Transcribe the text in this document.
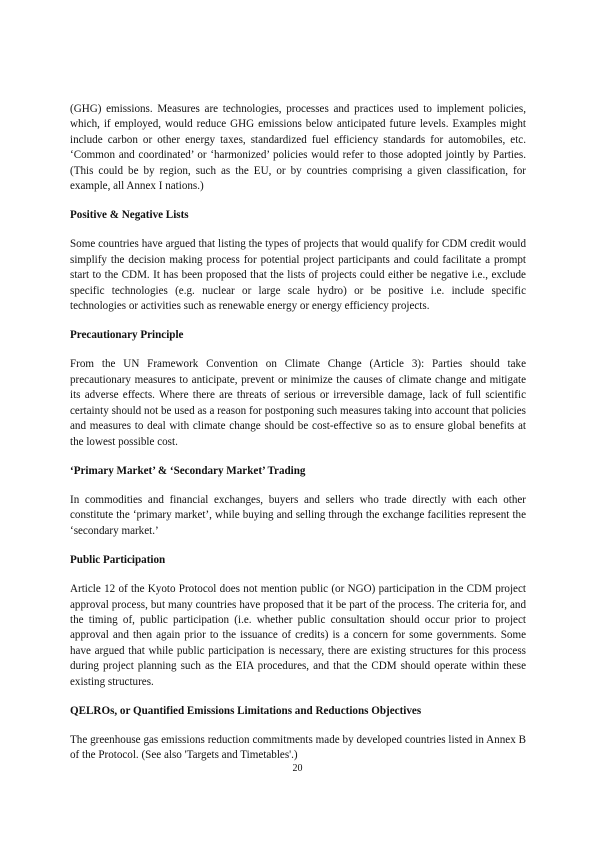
(GHG) emissions. Measures are technologies, processes and practices used to implement policies, which, if employed, would reduce GHG emissions below anticipated future levels. Examples might include carbon or other energy taxes, standardized fuel efficiency standards for automobiles, etc. ‘Common and coordinated’ or ‘harmonized’ policies would refer to those adopted jointly by Parties. (This could be by region, such as the EU, or by countries comprising a given classification, for example, all Annex I nations.)

Positive & Negative Lists

Some countries have argued that listing the types of projects that would qualify for CDM credit would simplify the decision making process for potential project participants and could facilitate a prompt start to the CDM. It has been proposed that the lists of projects could either be negative i.e., exclude specific technologies (e.g. nuclear or large scale hydro) or be positive i.e. include specific technologies or activities such as renewable energy or energy efficiency projects.

Precautionary Principle

From the UN Framework Convention on Climate Change (Article 3): Parties should take precautionary measures to anticipate, prevent or minimize the causes of climate change and mitigate its adverse effects. Where there are threats of serious or irreversible damage, lack of full scientific certainty should not be used as a reason for postponing such measures taking into account that policies and measures to deal with climate change should be cost-effective so as to ensure global benefits at the lowest possible cost.

‘Primary Market’ & ‘Secondary Market’ Trading

In commodities and financial exchanges, buyers and sellers who trade directly with each other constitute the ‘primary market’, while buying and selling through the exchange facilities represent the ‘secondary market.’

Public Participation

Article 12 of the Kyoto Protocol does not mention public (or NGO) participation in the CDM project approval process, but many countries have proposed that it be part of the process. The criteria for, and the timing of, public participation (i.e. whether public consultation should occur prior to project approval and then again prior to the issuance of credits) is a concern for some governments. Some have argued that while public participation is necessary, there are existing structures for this process during project planning such as the EIA procedures, and that the CDM should operate within these existing structures.

QELROs, or Quantified Emissions Limitations and Reductions Objectives

The greenhouse gas emissions reduction commitments made by developed countries listed in Annex B of the Protocol. (See also 'Targets and Timetables'.)

20
